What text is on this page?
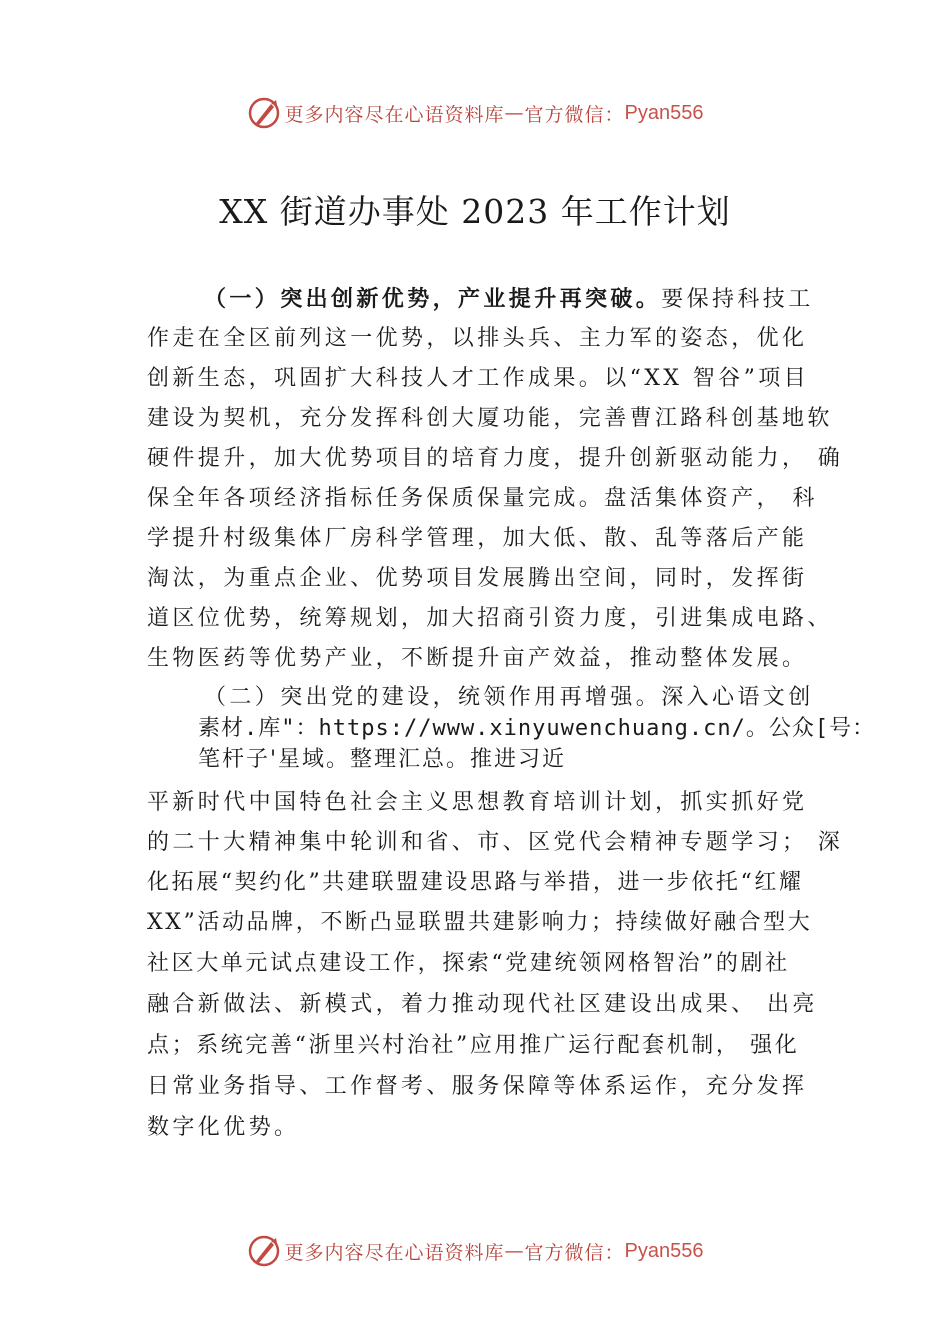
更多内容尽在心语资料库 — 官方微信： Pyan556
XX 街道办事处 2023 年工作计划
（一）突出创新优势，产业提升再突破。要保持科技工
作走在全区前列这一优势，以排头兵、主力军的姿态，优化
创新生态，巩固扩大科技人才工作成果。以“XX 智谷”项目
建设为契机，充分发挥科创大厦功能，完善曹江路科创基地软
硬件提升，加大优势项目的培育力度，提升创新驱动能力， 确
保全年各项经济指标任务保质保量完成。盘活集体资产， 科
学提升村级集体厂房科学管理，加大低、散、乱等落后产能
淘汰，为重点企业、优势项目发展腾出空间，同时，发挥街
道区位优势，统筹规划，加大招商引资力度，引进集成电路、
生物医药等优势产业，不断提升亩产效益，推动整体发展。
（二）突出党的建设，统领作用再增强。深入心语文创
素材.库"：https://www.xinyuwenchuang.cn/。公众[号：
笔杆子'星域。整理汇总。推进习近
平新时代中国特色社会主义思想教育培训计划，抓实抓好党
的二十大精神集中轮训和省、市、区党代会精神专题学习； 深
化拓展“契约化”共建联盟建设思路与举措，进一步依托“红耀
XX”活动品牌，不断凸显联盟共建影响力；持续做好融合型大
社区大单元试点建设工作，探索“党建统领网格智治”的剧社
融合新做法、新模式，着力推动现代社区建设出成果、 出亮
点；系统完善“浙里兴村治社”应用推广运行配套机制， 强化
日常业务指导、工作督考、服务保障等体系运作，充分发挥
数字化优势。
更多内容尽在心语资料库 — 官方微信： Pyan556
